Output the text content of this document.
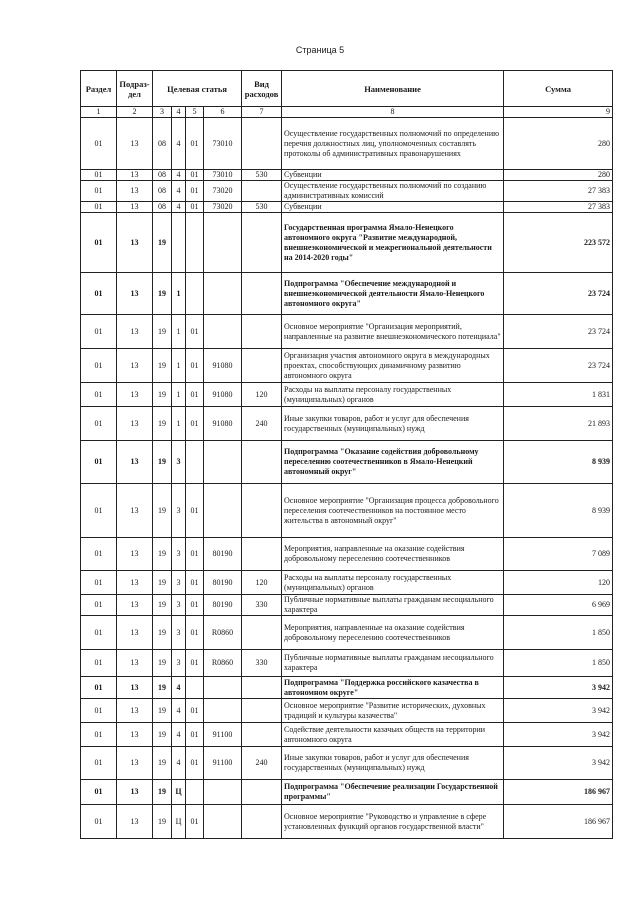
Страница 5
Раздел	Подраз-дел	Целевая статья				Вид расходов	Наименование	Сумма
1	2	3	4	5	6	7	8	9
01	13	08	4	01	73010		Осуществление государственных полномочий по определению перечня должностных лиц, уполномоченных составлять протоколы об административных правонарушениях	280
01	13	08	4	01	73010	530	Субвенции	280
01	13	08	4	01	73020		Осуществление государственных полномочий по созданию административных комиссий	27 383
01	13	08	4	01	73020	530	Субвенции	27 383
01	13	19					Государственная программа Ямало-Ненецкого автономного округа "Развитие международной, внешнеэкономической и межрегиональной деятельности на 2014-2020 годы"	223 572
01	13	19	1				Подпрограмма "Обеспечение международной и внешнеэкономической деятельности Ямало-Ненецкого автономного округа"	23 724
01	13	19	1	01			Основное мероприятие "Организация мероприятий, направленные на развитие внешнеэкономического потенциала"	23 724
01	13	19	1	01	91080		Организация участия автономного округа в международных проектах, способствующих динамичному развитию автономного округа	23 724
01	13	19	1	01	91080	120	Расходы на выплаты персоналу государственных (муниципальных) органов	1 831
01	13	19	1	01	91080	240	Иные закупки товаров, работ и услуг для обеспечения государственных (муниципальных) нужд	21 893
01	13	19	3				Подпрограмма "Оказание содействия добровольному переселению соотечественников в Ямало-Ненецкий автономный округ"	8 939
01	13	19	3	01			Основное мероприятие "Организация процесса добровольного переселения соотечественников на постоянное место жительства в автономный округ"	8 939
01	13	19	3	01	80190		Мероприятия, направленные на оказание содействия добровольному переселению соотечественников	7 089
01	13	19	3	01	80190	120	Расходы на выплаты персоналу государственных (муниципальных) органов	120
01	13	19	3	01	80190	330	Публичные нормативные выплаты гражданам несоциального характера	6 969
01	13	19	3	01	R0860		Мероприятия, направленные на оказание содействия добровольному переселению соотечественников	1 850
01	13	19	3	01	R0860	330	Публичные нормативные выплаты гражданам несоциального характера	1 850
01	13	19	4				Подпрограмма "Поддержка российского казачества в автономном округе"	3 942
01	13	19	4	01			Основное мероприятие "Развитие исторических, духовных традиций и культуры казачества"	3 942
01	13	19	4	01	91100		Содействие деятельности казачьих обществ на территории автономного округа	3 942
01	13	19	4	01	91100	240	Иные закупки товаров, работ и услуг для обеспечения государственных (муниципальных) нужд	3 942
01	13	19	Ц				Подпрограмма "Обеспечение реализации Государственной программы"	186 967
01	13	19	Ц	01			Основное мероприятие "Руководство и управление в сфере установленных функций органов государственной власти"	186 967
